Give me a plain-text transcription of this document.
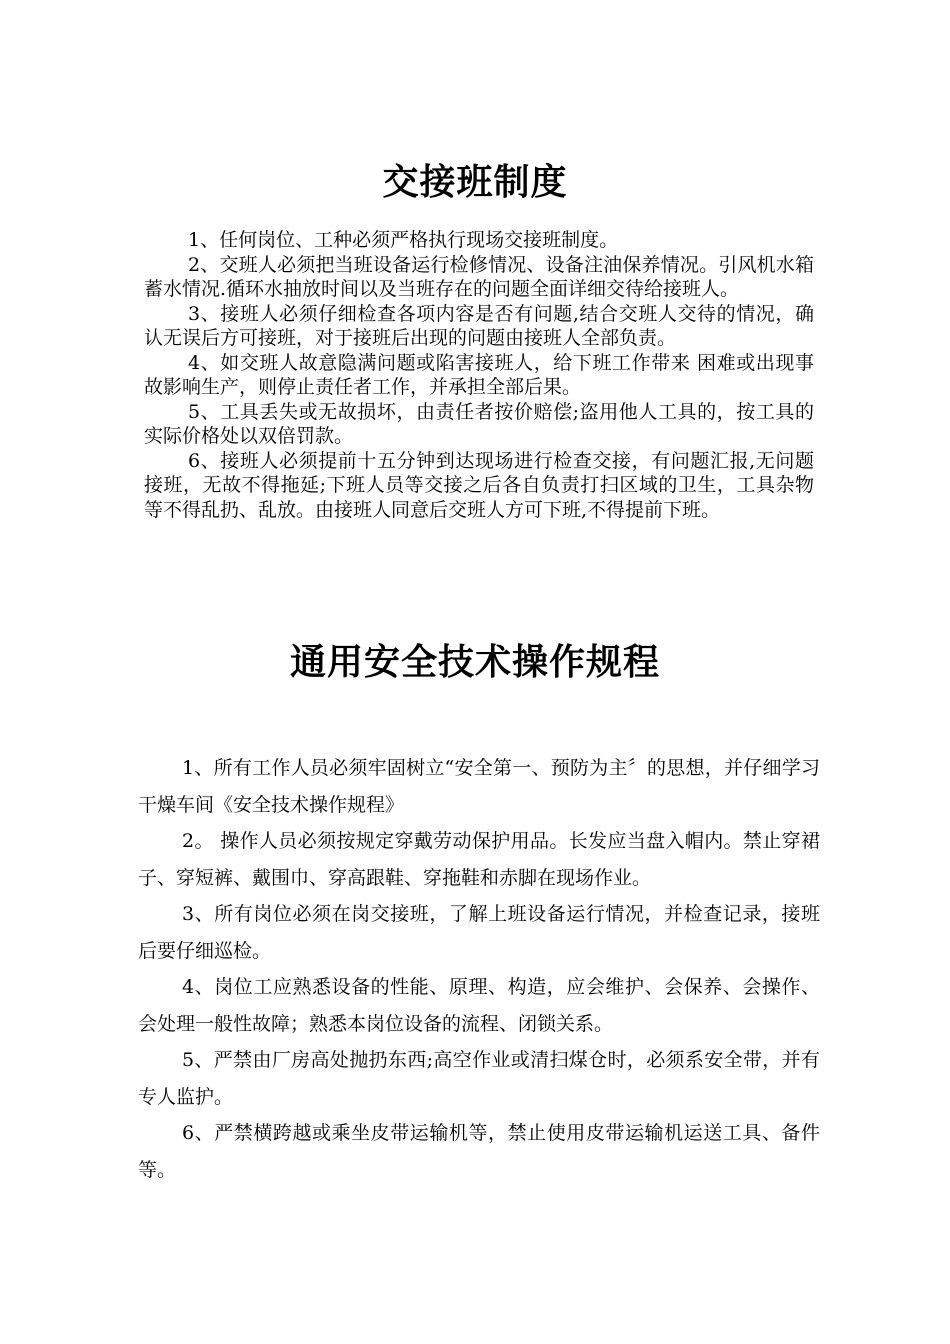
交接班制度

1、任何岗位、工种必须严格执行现场交接班制度。

2、交班人必须把当班设备运行检修情况、设备注油保养情况。引风机水箱蓄水情况.循环水抽放时间以及当班存在的问题全面详细交待给接班人。

3、接班人必须仔细检查各项内容是否有问题,结合交班人交待的情况，确认无误后方可接班，对于接班后出现的问题由接班人全部负责。

4、如交班人故意隐满问题或陷害接班人，给下班工作带来 困难或出现事故影响生产，则停止责任者工作，并承担全部后果。

5、工具丢失或无故损坏，由责任者按价赔偿;盗用他人工具的，按工具的实际价格处以双倍罚款。

6、接班人必须提前十五分钟到达现场进行检查交接，有问题汇报,无问题接班，无故不得拖延;下班人员等交接之后各自负责打扫区域的卫生，工具杂物等不得乱扔、乱放。由接班人同意后交班人方可下班,不得提前下班。

通用安全技术操作规程

1、所有工作人员必须牢固树立“安全第一、预防为主〞的思想，并仔细学习干燥车间《安全技术操作规程》

2。 操作人员必须按规定穿戴劳动保护用品。长发应当盘入帽内。禁止穿裙子、穿短裤、戴围巾、穿高跟鞋、穿拖鞋和赤脚在现场作业。

3、所有岗位必须在岗交接班，了解上班设备运行情况，并检查记录，接班后要仔细巡检。

4、岗位工应熟悉设备的性能、原理、构造，应会维护、会保养、会操作、会处理一般性故障；熟悉本岗位设备的流程、闭锁关系。

5、严禁由厂房高处抛扔东西;高空作业或清扫煤仓时，必须系安全带，并有专人监护。

6、严禁横跨越或乘坐皮带运输机等，禁止使用皮带运输机运送工具、备件等。
